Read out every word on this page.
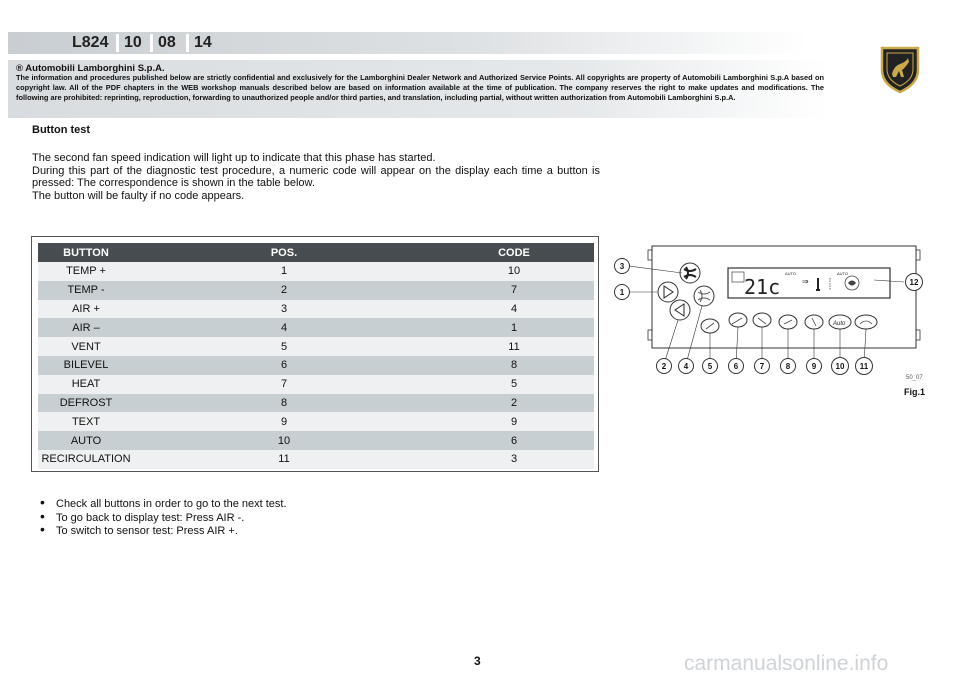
L824 10 08 14
® Automobili Lamborghini S.p.A.
The information and procedures published below are strictly confidential and exclusively for the Lamborghini Dealer Network and Authorized Service Points. All copyrights are property of Automobili Lamborghini S.p.A based on copyright law. All of the PDF chapters in the WEB workshop manuals described below are based on information available at the time of publication. The company reserves the right to make updates and modifications. The following are prohibited: reprinting, reproduction, forwarding to unauthorized people and/or third parties, and translation, including partial, without written authorization from Automobili Lamborghini S.p.A.
Button test

The second fan speed indication will light up to indicate that this phase has started.

During this part of the diagnostic test procedure, a numeric code will appear on the display each time a button is pressed: The correspondence is shown in the table below.

The button will be faulty if no code appears.

BUTTON	POS.	CODE
TEMP +	1	10
TEMP -	2	7
AIR +	3	4
AIR –	4	1
VENT	5	11
BILEVEL	6	8
HEAT	7	5
DEFROST	8	2
TEXT	9	9
AUTO	10	6
RECIRCULATION	11	3
21c	⇒
AUTO	AUTO
Auto
3
1
12
2 4 5	6	7	8	9 10 11
50_07
Fig.1
• Check all buttons in order to go to the next test.
• To go back to display test: Press AIR -.
• To switch to sensor test: Press AIR +.
3	carmanualsonline.info
